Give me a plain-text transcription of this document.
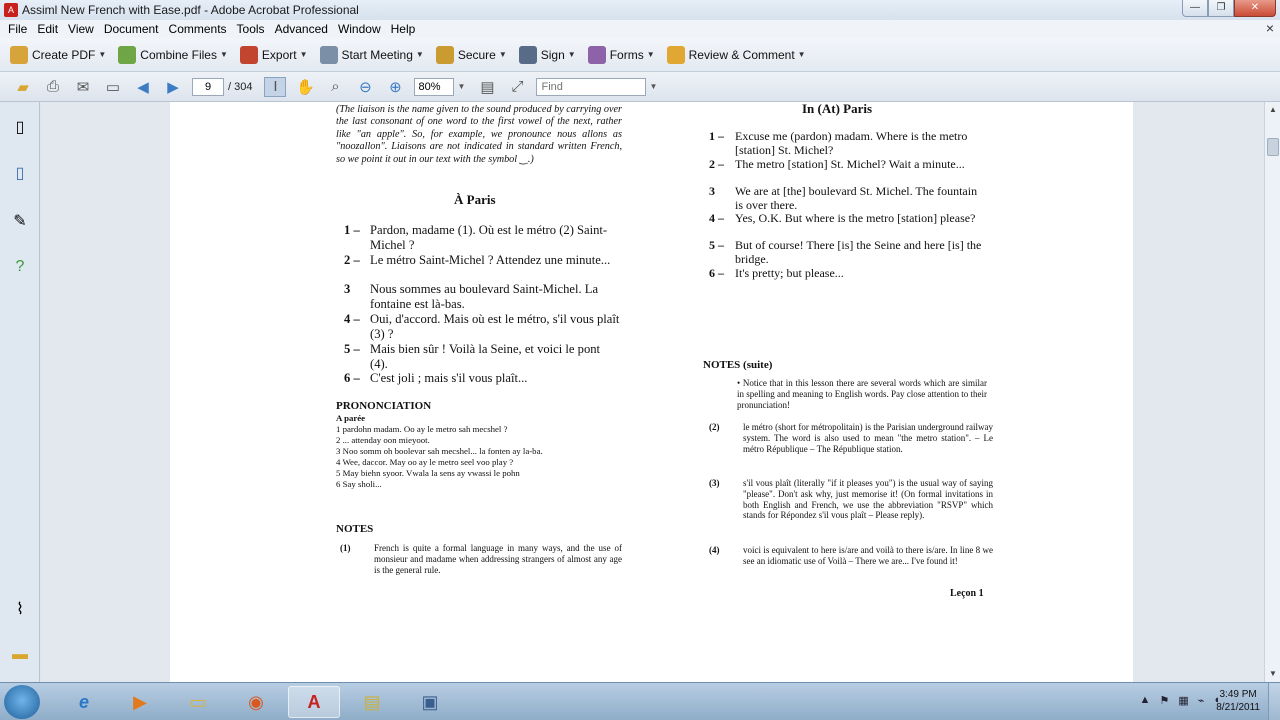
A Assiml New French with Ease.pdf - Adobe Acrobat Professional	—	❐	✕
File Edit View Document Comments Tools Advanced Window Help	×
Create PDF ▼	Combine Files ▼	Export ▼	Start Meeting ▼	Secure ▼	Sign ▼	Forms ▼	Review & Comment ▼
▰	⎙	✉	▭	◀	▶
9	/ 304	I	✋	⌕	⊖	⊕
80%	▼ ▤	⤢
Find	▼
▯
▯
✎
?
⌇
▬
(The liaison is the name given to the sound produced by carrying over the last consonant of one word to the first vowel of the next, rather like "an apple". So, for example, we pronounce nous allons as "noozallon". Liaisons are not indicated in standard written French, so we point it out in our text with the symbol ‿.)
À Paris
In (At) Paris
1 – Pardon, madame (1). Où est le métro (2) Saint-Michel ?
2 – Le métro Saint-Michel ? Attendez une minute...
3 Nous sommes au boulevard Saint-Michel. La fontaine est là-bas.
4 – Oui, d'accord. Mais où est le métro, s'il vous plaît (3) ?
5 – Mais bien sûr ! Voilà la Seine, et voici le pont (4).
6 – C'est joli ; mais s'il vous plaît...
1 – Excuse me (pardon) madam. Where is the metro [station] St. Michel?
2 – The metro [station] St. Michel? Wait a minute...
3 We are at [the] boulevard St. Michel. The fountain is over there.
4 – Yes, O.K. But where is the metro [station] please?
5 – But of course! There [is] the Seine and here [is] the bridge.
6 – It's pretty; but please...
PRONONCIATION
A parée
1 pardohn madam. Oo ay le metro sah mecshel ?
2 ... attenday oon mieyoot.
3 Noo somm oh boolevar sah mecshel... la fonten ay la-ba.
4 Wee, daccor. May oo ay le metro seel voo play ?
5 May biehn syoor. Vwala la sens ay vwassi le pohn
6 Say sholi...
NOTES
(1)	French is quite a formal language in many ways, and the use of monsieur and madame when addressing strangers of almost any age is the general rule.
NOTES (suite)
• Notice that in this lesson there are several words which are similar in spelling and meaning to English words. Pay close attention to their pronunciation!
(2)	le métro (short for métropolitain) is the Parisian underground railway system. The word is also used to mean "the metro station". – Le métro République – The République station.
(3)	s'il vous plaît (literally "if it pleases you") is the usual way of saying "please". Don't ask why, just memorise it! (On formal invitations in both English and French, we use the abbreviation "RSVP" which stands for Répondez s'il vous plaît – Please reply).
(4)	voici is equivalent to here is/are and voilà to there is/are. In line 8 we see an idiomatic use of Voilà – There we are... I've found it!
Leçon 1
▲
▼
e	▶	▭	◉	A	▤	▣	▲ ⚑ ▦ ⌁ ◖ 3:49 PM
8/21/2011
